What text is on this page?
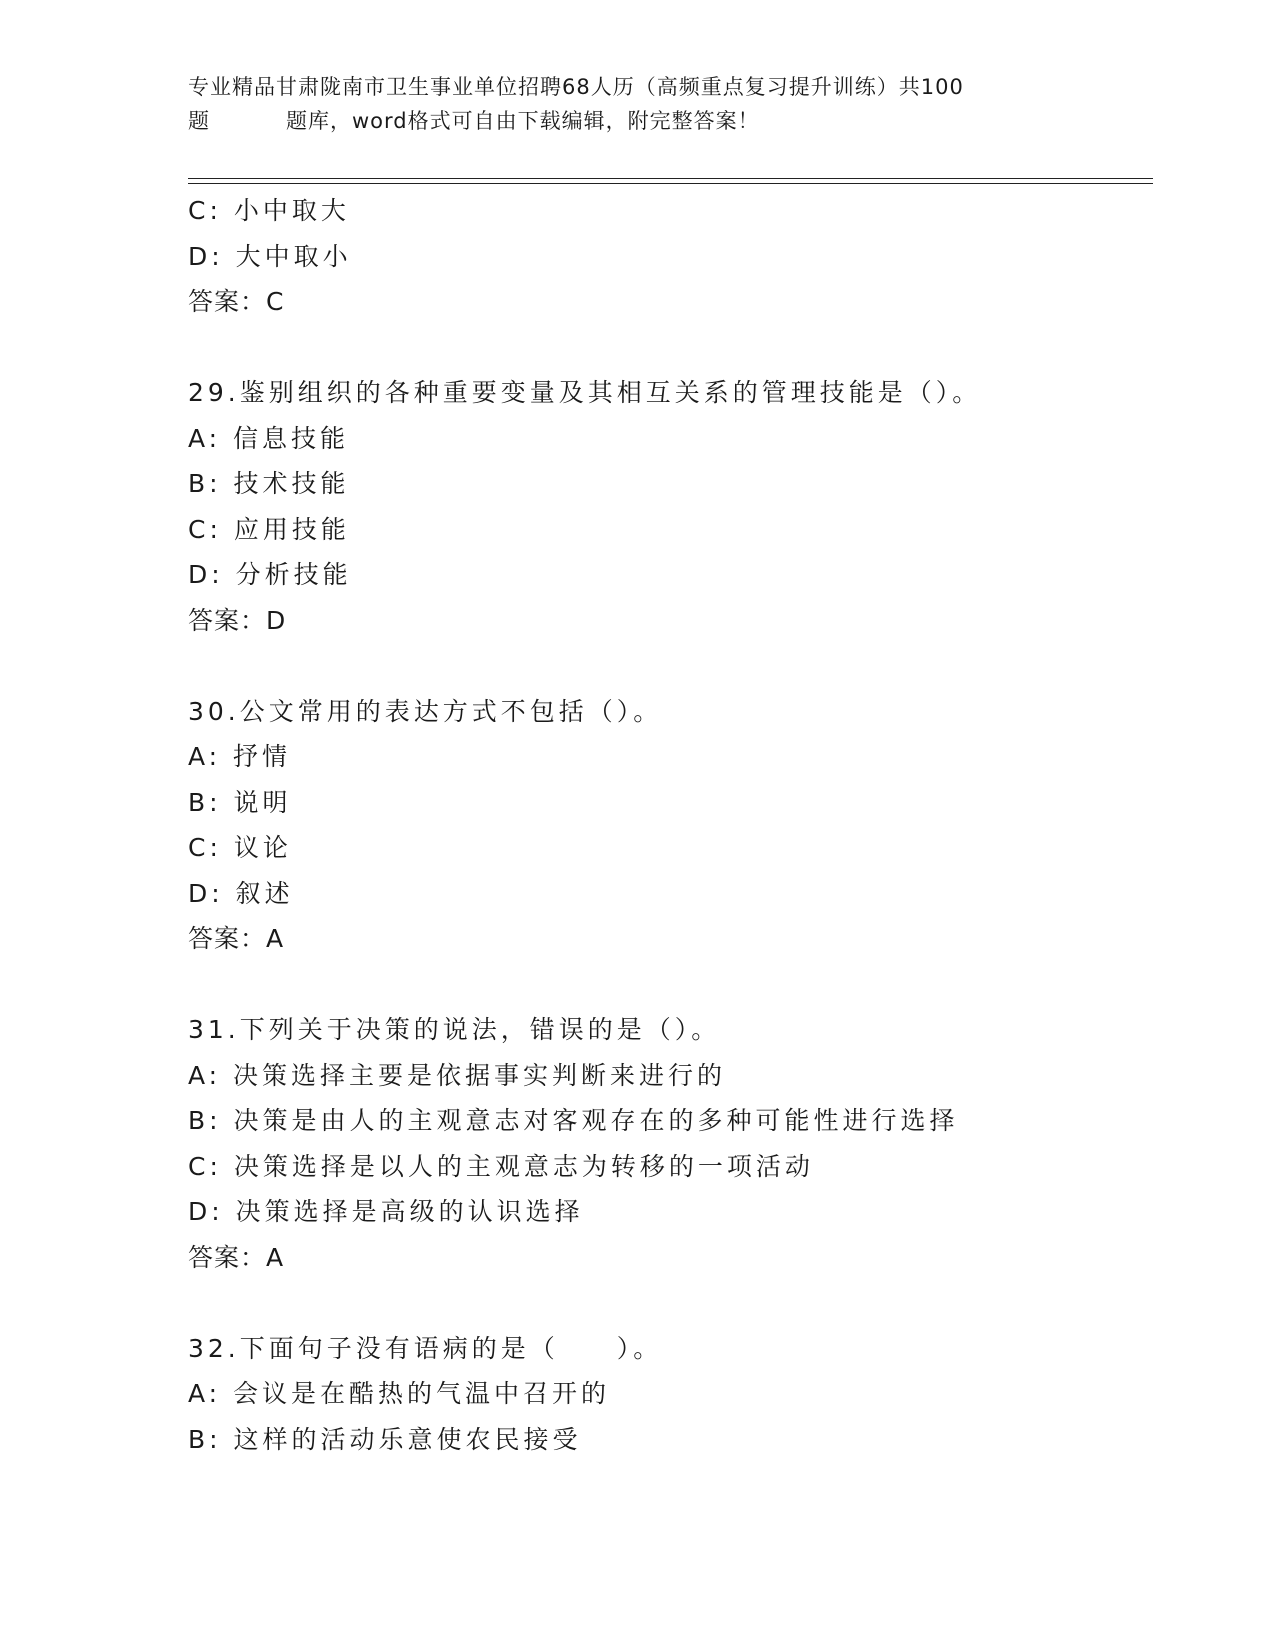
专业精品甘肃陇南市卫生事业单位招聘68人历（高频重点复习提升训练）共100
题	题库，word格式可自由下载编辑，附完整答案！
C: 小中取大
D: 大中取小
答案：C
29.鉴别组织的各种重要变量及其相互关系的管理技能是（）。
A: 信息技能
B: 技术技能
C: 应用技能
D: 分析技能
答案：D
30.公文常用的表达方式不包括（）。
A: 抒情
B: 说明
C: 议论
D: 叙述
答案：A
31.下列关于决策的说法，错误的是（）。
A: 决策选择主要是依据事实判断来进行的
B: 决策是由人的主观意志对客观存在的多种可能性进行选择
C: 决策选择是以人的主观意志为转移的一项活动
D: 决策选择是高级的认识选择
答案：A
32.下面句子没有语病的是（　　）。
A: 会议是在酷热的气温中召开的
B: 这样的活动乐意使农民接受
